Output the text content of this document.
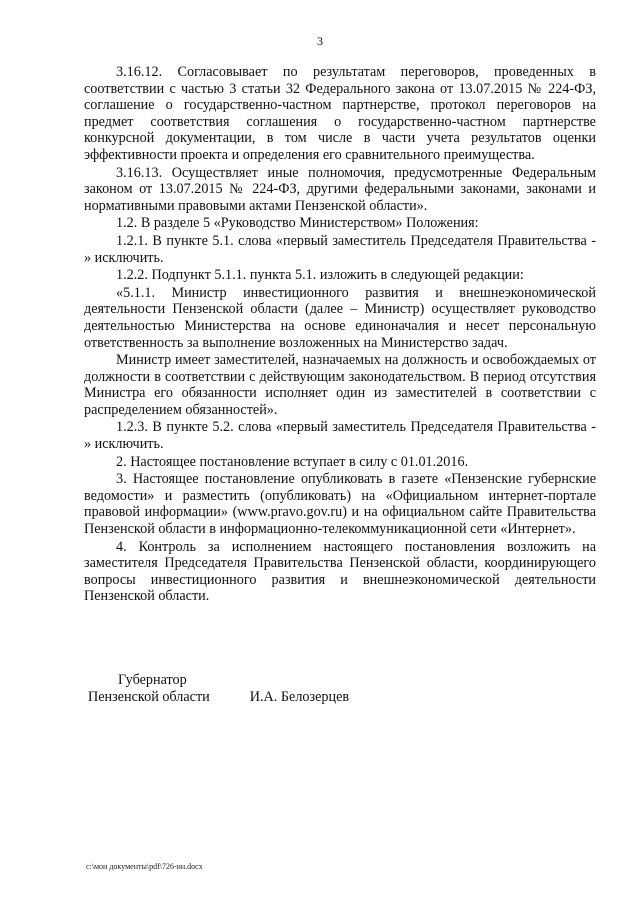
3

3.16.12. Согласовывает по результатам переговоров, проведенных в соответствии с частью 3 статьи 32 Федерального закона от 13.07.2015 № 224-ФЗ, соглашение о государственно-частном партнерстве, протокол переговоров на предмет соответствия соглашения о государственно-частном партнерстве конкурсной документации, в том числе в части учета результатов оценки эффективности проекта и определения его сравнительного преимущества.

3.16.13. Осуществляет иные полномочия, предусмотренные Федеральным законом от 13.07.2015 № 224-ФЗ, другими федеральными законами, законами и нормативными правовыми актами Пензенской области».

1.2. В разделе 5 «Руководство Министерством» Положения:

1.2.1. В пункте 5.1. слова «первый заместитель Председателя Правительства - » исключить.

1.2.2. Подпункт 5.1.1. пункта 5.1. изложить в следующей редакции:

«5.1.1. Министр инвестиционного развития и внешнеэкономической деятельности Пензенской области (далее – Министр) осуществляет руководство деятельностью Министерства на основе единоначалия и несет персональную ответственность за выполнение возложенных на Министерство задач.

Министр имеет заместителей, назначаемых на должность и освобождаемых от должности в соответствии с действующим законодательством. В период отсутствия Министра его обязанности исполняет один из заместителей в соответствии с распределением обязанностей».

1.2.3. В пункте 5.2. слова «первый заместитель Председателя Правительства - » исключить.

2. Настоящее постановление вступает в силу с 01.01.2016.

3. Настоящее постановление опубликовать в газете «Пензенские губернские ведомости» и разместить (опубликовать) на «Официальном интернет-портале правовой информации» (www.pravo.gov.ru) и на официальном сайте Правительства Пензенской области в информационно-телекоммуникационной сети «Интернет».

4. Контроль за исполнением настоящего постановления возложить на заместителя Председателя Правительства Пензенской области, координирующего вопросы инвестиционного развития и внешнеэкономической деятельности Пензенской области.

Губернатор
Пензенской области	И.А. Белозерцев
c:\мои документы\pdf\726-ин.docx
